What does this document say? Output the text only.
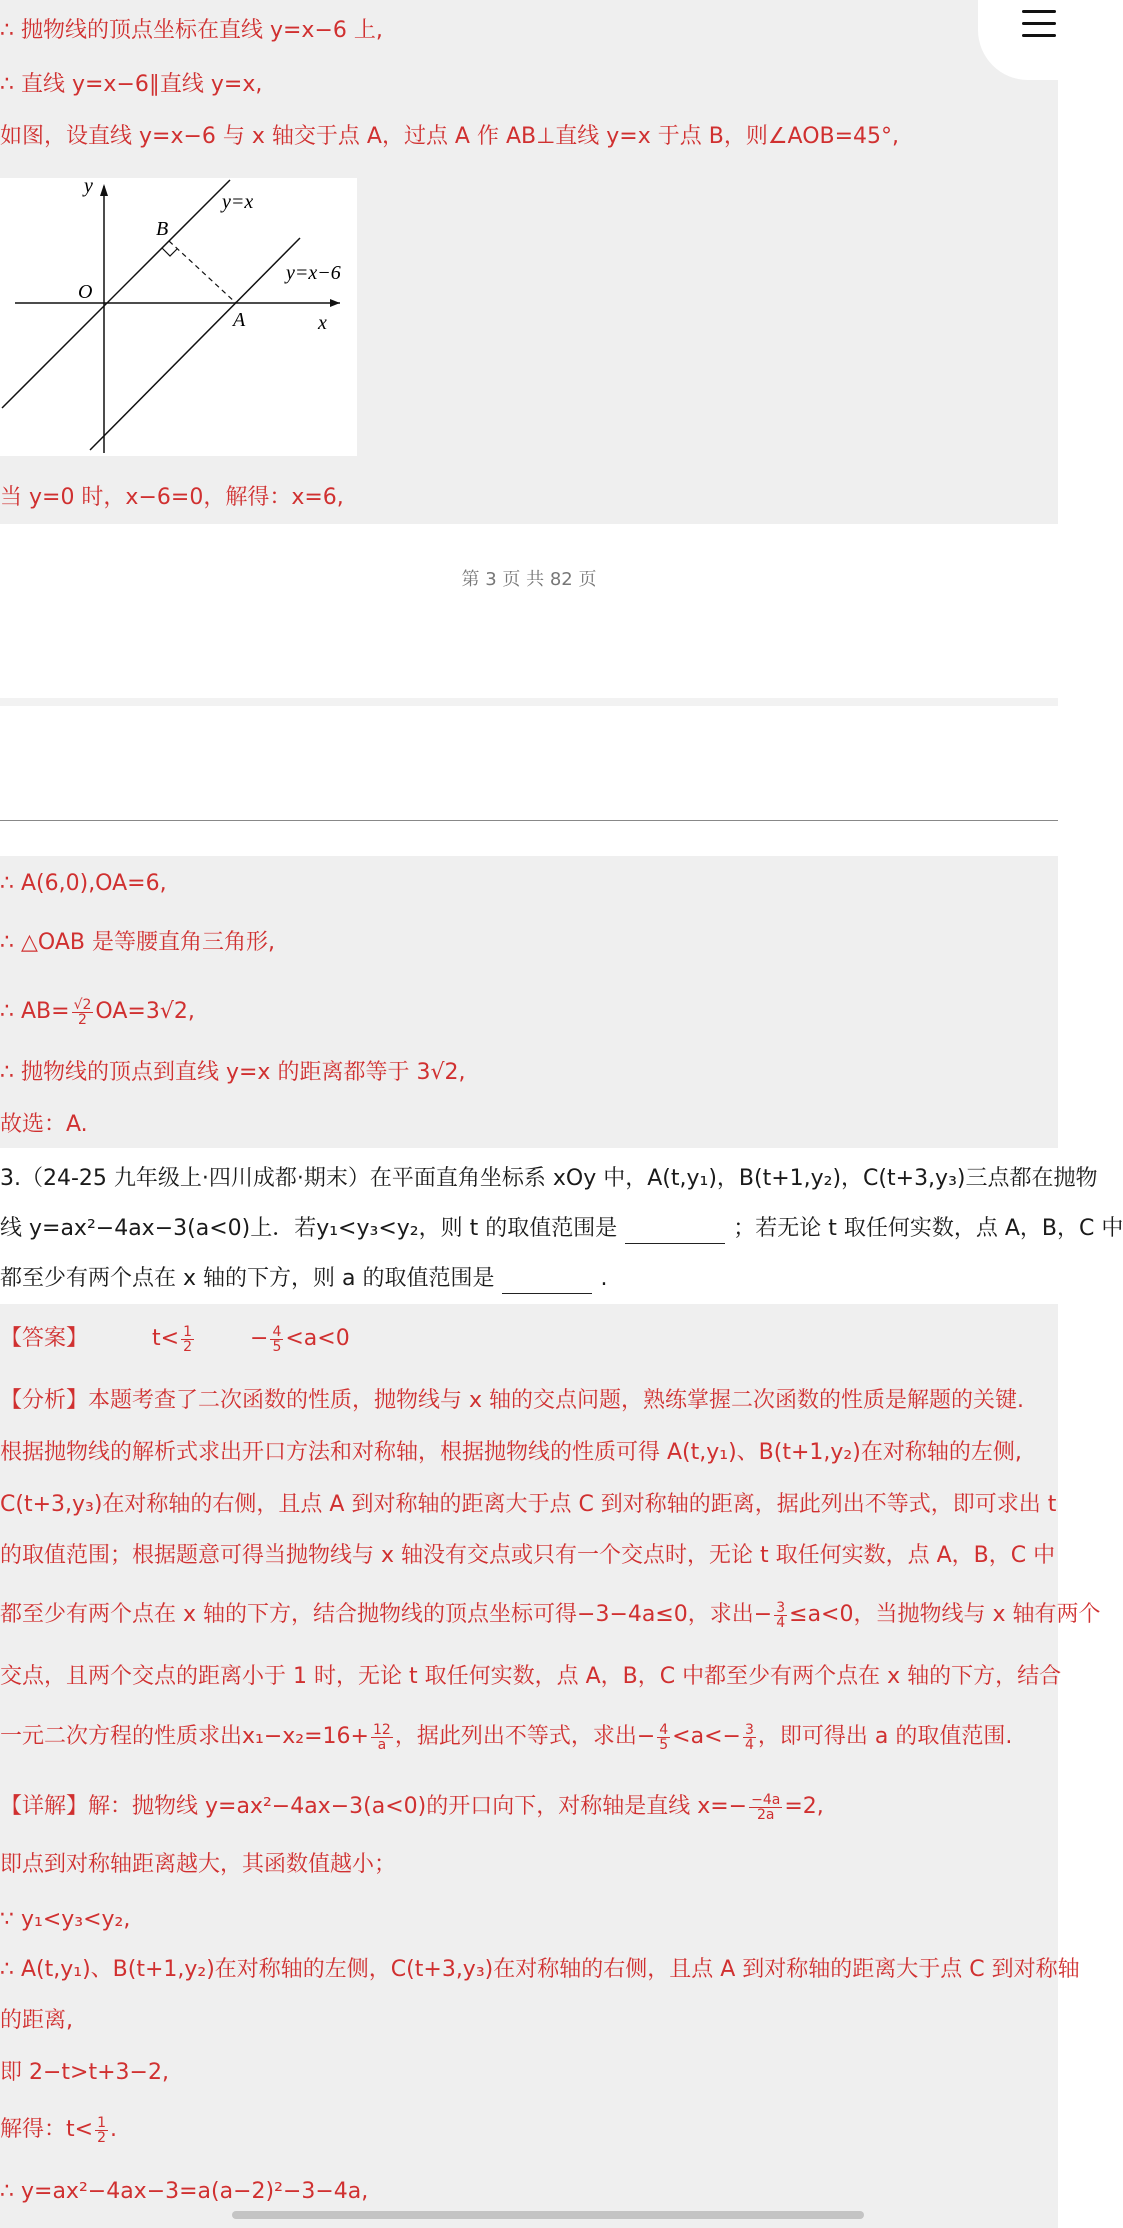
∴ 抛物线的顶点坐标在直线 y=x−6 上,
∴ 直线 y=x−6∥直线 y=x,
如图，设直线 y=x−6 与 x 轴交于点 A，过点 A 作 AB⊥直线 y=x 于点 B，则∠AOB=45°,
y
x
O
A
B
y=x
y=x−6
当 y=0 时，x−6=0，解得：x=6,
第 3 页 共 82 页
∴ A(6,0),OA=6,
∴ △OAB 是等腰直角三角形,
∴ $AB= \frac{√2}{2} OA=3√2$,
∴ 抛物线的顶点到直线 y=x 的距离都等于 3√2,
故选：A.
3.（24-25 九年级上·四川成都·期末）在平面直角坐标系 xOy 中，A(t,y₁)，B(t+1,y₂)，C(t+3,y₃)三点都在抛物
线 y=ax²−4ax−3(a<0)上．若y₁<y₃<y₂，则 t 的取值范围是	；若无论 t 取任何实数，点 A，B，C 中
都至少有两个点在 x 轴的下方，则 a 的取值范围是	.
【答案】	$t< \frac{1}{2}$	− $\frac{4}{5} <a<0$
【分析】本题考查了二次函数的性质，抛物线与 x 轴的交点问题，熟练掌握二次函数的性质是解题的关键.
根据抛物线的解析式求出开口方法和对称轴，根据抛物线的性质可得 A(t,y₁)、B(t+1,y₂)在对称轴的左侧,
C(t+3,y₃)在对称轴的右侧，且点 A 到对称轴的距离大于点 C 到对称轴的距离，据此列出不等式，即可求出 t
的取值范围；根据题意可得当抛物线与 x 轴没有交点或只有一个交点时，无论 t 取任何实数，点 A，B，C 中
都至少有两个点在 x 轴的下方，结合抛物线的顶点坐标可得−3−4a≤0，求出− $\frac{3}{4} \le a<0$，当抛物线与 x 轴有两个
交点，且两个交点的距离小于 1 时，无论 t 取任何实数，点 A，B，C 中都至少有两个点在 x 轴的下方，结合
一元二次方程的性质求出$x_1-x_2=16+ \frac{12}{a}$ ，据此列出不等式，求出− $\frac{4}{5} <a<- \frac{3}{4}$ ，即可得出 a 的取值范围.
【详解】解：抛物线 y=ax²−4ax−3(a<0)的开口向下，对称轴是直线 $x=- \frac{-4a}{2a} =2$,
即点到对称轴距离越大，其函数值越小；
∵ y₁<y₃<y₂,
∴ A(t,y₁)、B(t+1,y₂)在对称轴的左侧，C(t+3,y₃)在对称轴的右侧，且点 A 到对称轴的距离大于点 C 到对称轴
的距离,
即 2−t>t+3−2,
解得：$t< \frac{1}{2}$ .
∴ y=ax²−4ax−3=a(a−2)²−3−4a,
